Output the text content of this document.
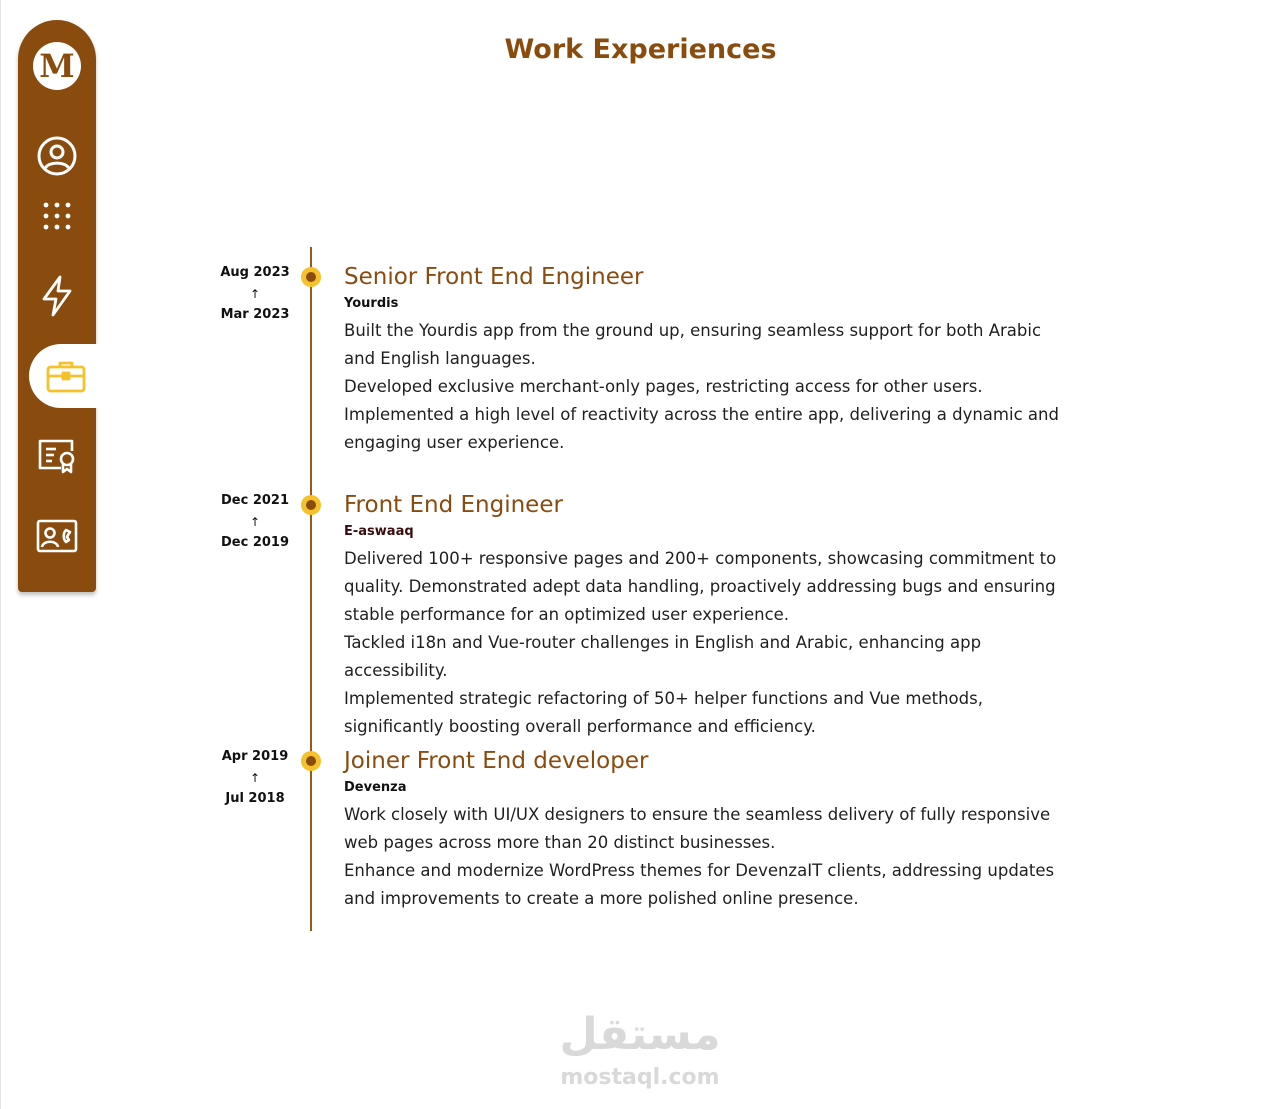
M	Work Experiences
Aug 2023
↑
Mar 2023
Senior Front End Engineer
Yourdis
Built the Yourdis app from the ground up, ensuring seamless support for both Arabic and English languages.
Developed exclusive merchant-only pages, restricting access for other users.
Implemented a high level of reactivity across the entire app, delivering a dynamic and engaging user experience.
Dec 2021
↑
Dec 2019
Front End Engineer
E-aswaaq
Delivered 100+ responsive pages and 200+ components, showcasing commitment to quality. Demonstrated adept data handling, proactively addressing bugs and ensuring stable performance for an optimized user experience.
Tackled i18n and Vue-router challenges in English and Arabic, enhancing app accessibility.
Implemented strategic refactoring of 50+ helper functions and Vue methods, significantly boosting overall performance and efficiency.
Apr 2019
↑
Jul 2018
Joiner Front End developer
Devenza
Work closely with UI/UX designers to ensure the seamless delivery of fully responsive web pages across more than 20 distinct businesses.
Enhance and modernize WordPress themes for DevenzaIT clients, addressing updates and improvements to create a more polished online presence.
مستقل
mostaql.com
